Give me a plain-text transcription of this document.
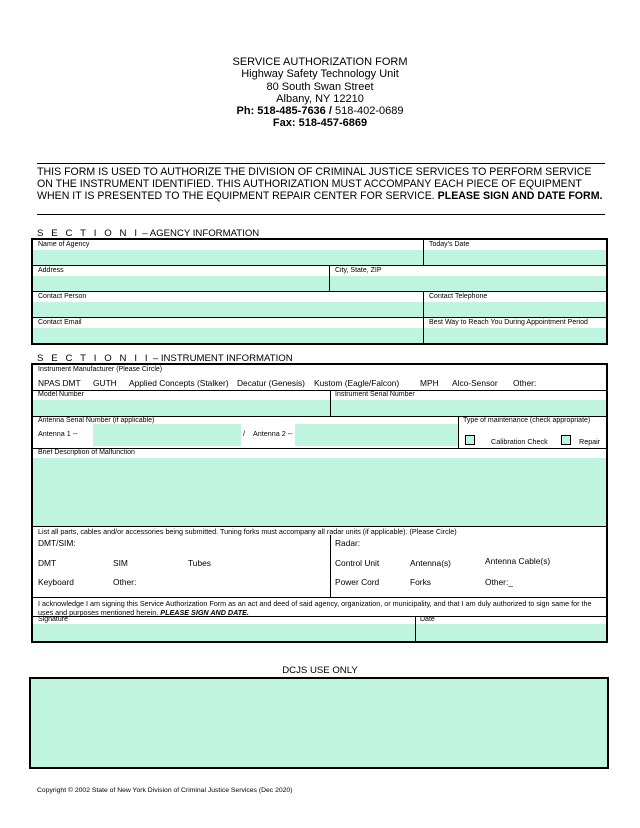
SERVICE AUTHORIZATION FORM
Highway Safety Technology Unit
80 South Swan Street
Albany, NY 12210
Ph: 518-485-7636 / 518-402-0689
Fax: 518-457-6869
THIS FORM IS USED TO AUTHORIZE THE DIVISION OF CRIMINAL JUSTICE SERVICES TO PERFORM SERVICE ON THE INSTRUMENT IDENTIFIED. THIS AUTHORIZATION MUST ACCOMPANY EACH PIECE OF EQUIPMENT WHEN IT IS PRESENTED TO THE EQUIPMENT REPAIR CENTER FOR SERVICE. PLEASE SIGN AND DATE FORM.
S E C T I O N I – AGENCY INFORMATION
Name of Agency	Today's Date
Address	City, State, ZIP
Contact Person	Contact Telephone
Contact Email	Best Way to Reach You During Appointment Period
S E C T I O N I I – INSTRUMENT INFORMATION
Instrument Manufacturer (Please Circle)
NPAS DMT GUTH Applied Concepts (Stalker) Decatur (Genesis) Kustom (Eagle/Falcon) MPH Alco-Sensor Other:
Model Number	Instrument Serial Number
Antenna Serial Number (if applicable)
Antenna 1 --	/ Antenna 2 --
Type of maintenance (check appropriate)
Calibration Check	Repair
Brief Description of Malfunction
List all parts, cables and/or accessories being submitted. Tuning forks must accompany all radar units (if applicable). (Please Circle)
DMT/SIM:	Radar:
DMT	SIM	Tubes
Keyboard	Other:
Control Unit	Antenna(s)	Antenna Cable(s)
Power Cord	Forks	Other:_
I acknowledge I am signing this Service Authorization Form as an act and deed of said agency, organization, or municipality, and that I am duly authorized to sign same for the uses and purposes mentioned herein. PLEASE SIGN AND DATE.
Signature	Date
DCJS USE ONLY
Copyright © 2002 State of New York Division of Criminal Justice Services (Dec 2020)
